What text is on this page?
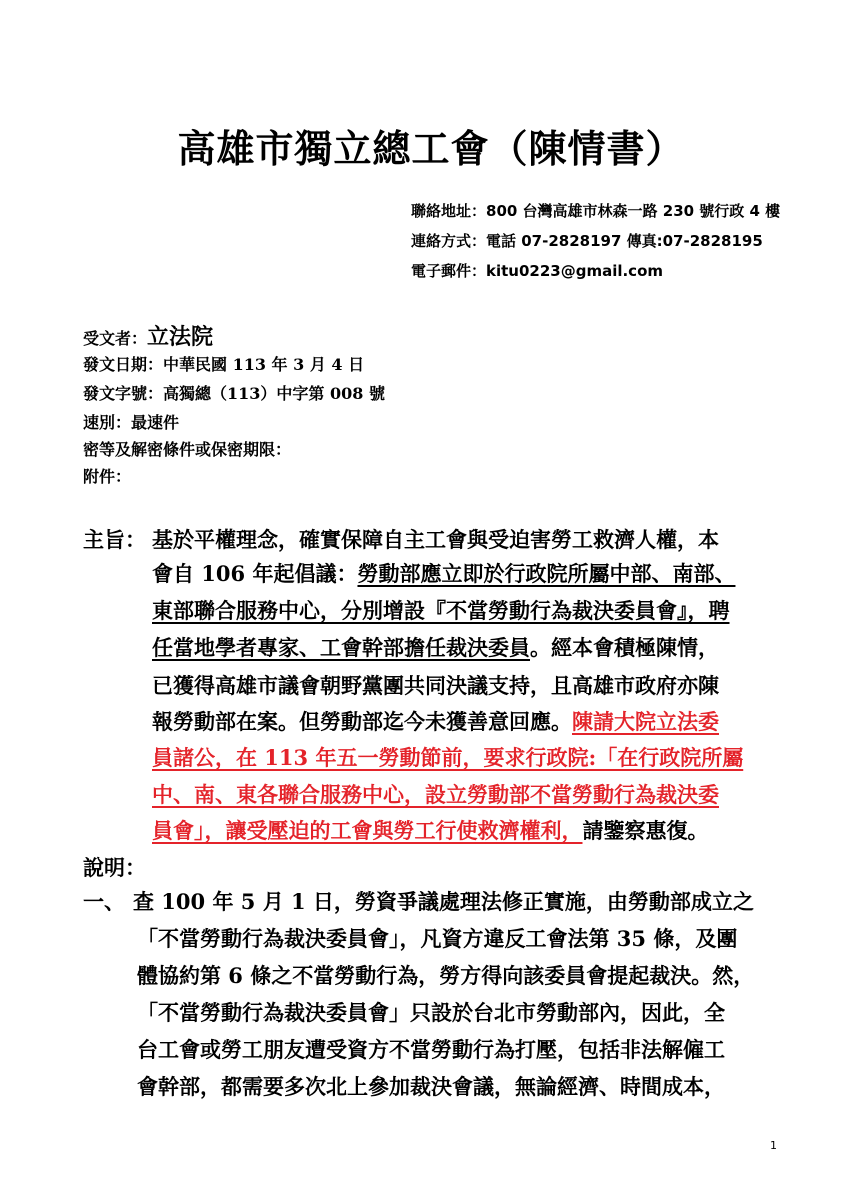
高雄市獨立總工會（陳情書）
聯絡地址：800 台灣高雄市林森一路 230 號行政 4 樓
連絡方式：電話 07-2828197 傳真:07-2828195
電子郵件：kitu0223@gmail.com
受文者：立法院
發文日期：中華民國 113 年 3 月 4 日
發文字號：高獨總（113）中字第 008 號
速別：最速件
密等及解密條件或保密期限：
附件：
主旨： 基於平權理念，確實保障自主工會與受迫害勞工救濟人權，本
會自 106 年起倡議：勞動部應立即於行政院所屬中部、南部、
東部聯合服務中心，分別增設『不當勞動行為裁決委員會』，聘
任當地學者專家、工會幹部擔任裁決委員。經本會積極陳情，
已獲得高雄市議會朝野黨團共同決議支持，且高雄市政府亦陳
報勞動部在案。但勞動部迄今未獲善意回應。陳請大院立法委
員諸公，在 113 年五一勞動節前，要求行政院:「在行政院所屬
中、南、東各聯合服務中心，設立勞動部不當勞動行為裁決委
員會」，讓受壓迫的工會與勞工行使救濟權利，請鑒察惠復。
說明：
一、 查 100 年 5 月 1 日，勞資爭議處理法修正實施，由勞動部成立之
「不當勞動行為裁決委員會」，凡資方違反工會法第 35 條，及團
體協約第 6 條之不當勞動行為，勞方得向該委員會提起裁決。然，
「不當勞動行為裁決委員會」只設於台北市勞動部內，因此，全
台工會或勞工朋友遭受資方不當勞動行為打壓，包括非法解僱工
會幹部，都需要多次北上參加裁決會議，無論經濟、時間成本，
1
